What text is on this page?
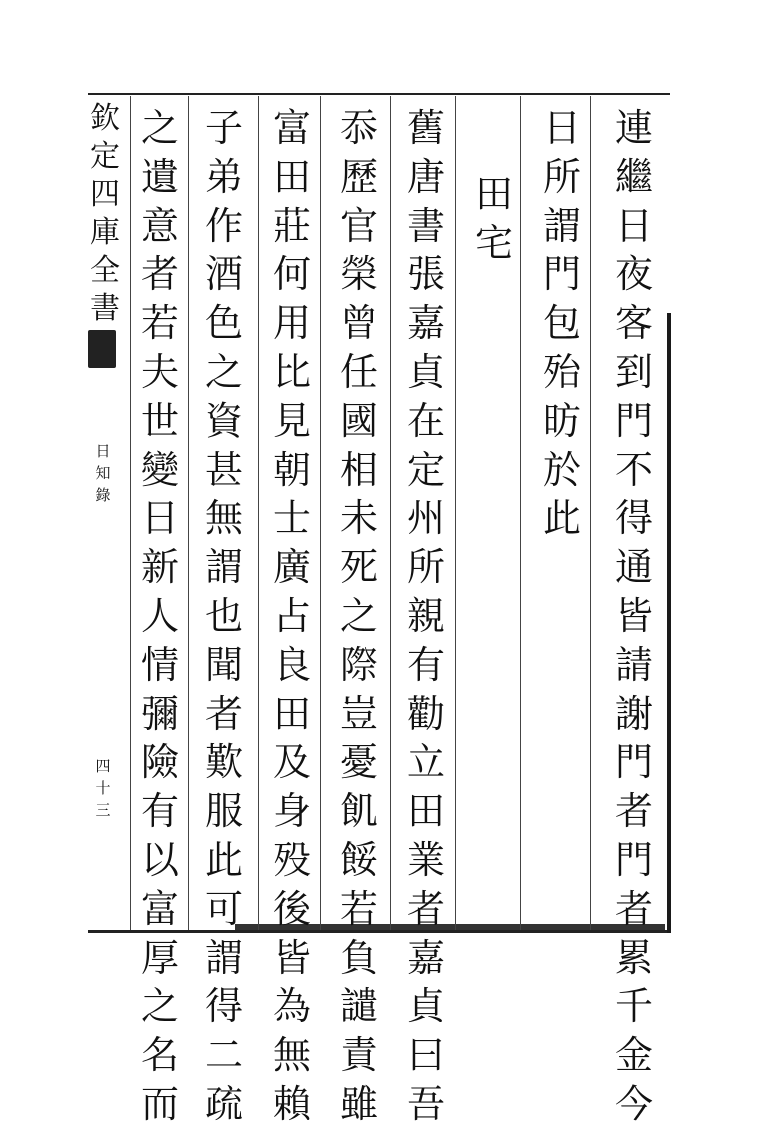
欽
定
四
庫
全
書
日
知
錄
四
十
三
連
繼
日
夜
客
到
門
不
得
通
皆
請
謝
門
者
門
者
累
千
金
今
日
所
謂
門
包
殆
昉
於
此
田
宅
舊
唐
書
張
嘉
貞
在
定
州
所
親
有
勸
立
田
業
者
嘉
貞
曰
吾
忝
歷
官
榮
曾
任
國
相
未
死
之
際
豈
憂
飢
餒
若
負
譴
責
雖
富
田
莊
何
用
比
見
朝
士
廣
占
良
田
及
身
殁
後
皆
為
無
賴
子
弟
作
酒
色
之
資
甚
無
謂
也
聞
者
歎
服
此
可
謂
得
二
疏
之
遺
意
者
若
夫
世
變
日
新
人
情
彌
險
有
以
富
厚
之
名
而
